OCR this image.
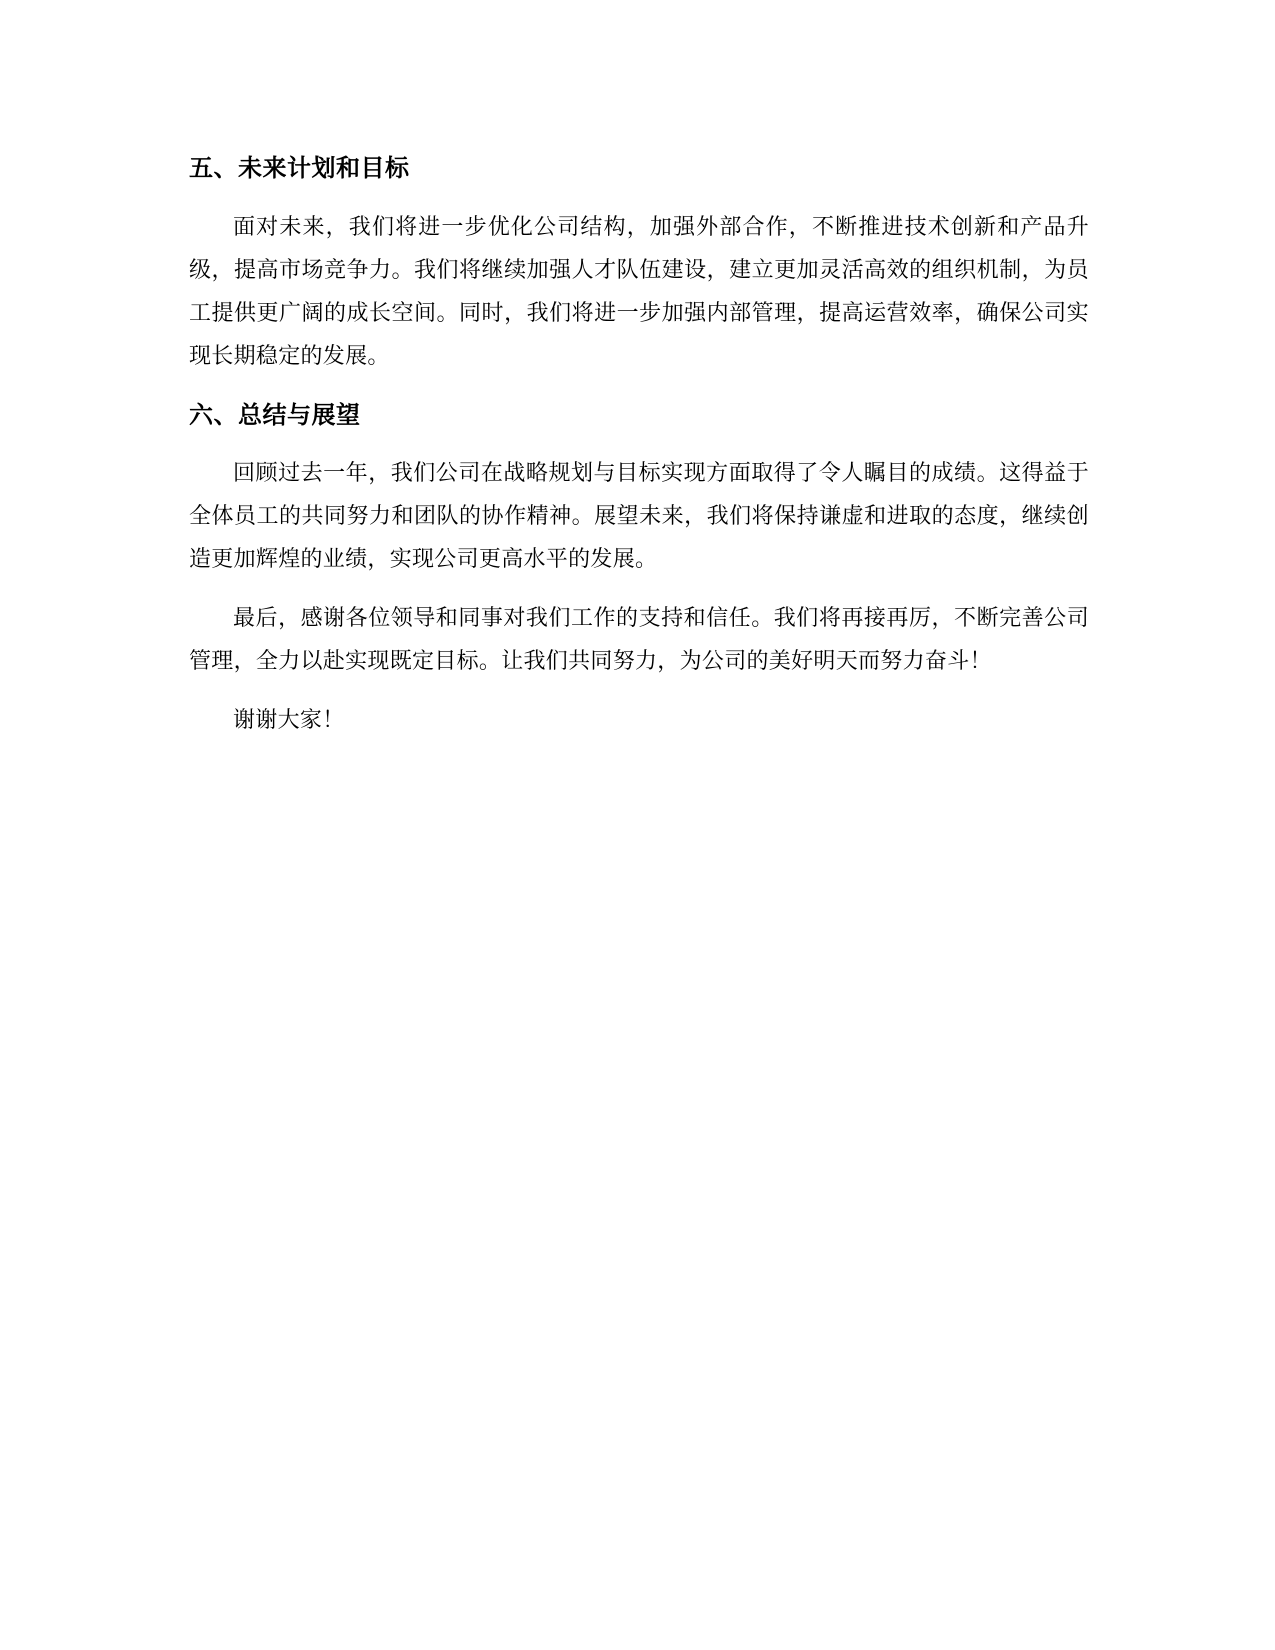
五、未来计划和目标

面对未来，我们将进一步优化公司结构，加强外部合作，不断推进技术创新和产品升级，提高市场竞争力。我们将继续加强人才队伍建设，建立更加灵活高效的组织机制，为员工提供更广阔的成长空间。同时，我们将进一步加强内部管理，提高运营效率，确保公司实现长期稳定的发展。

六、总结与展望

回顾过去一年，我们公司在战略规划与目标实现方面取得了令人瞩目的成绩。这得益于全体员工的共同努力和团队的协作精神。展望未来，我们将保持谦虚和进取的态度，继续创造更加辉煌的业绩，实现公司更高水平的发展。

最后，感谢各位领导和同事对我们工作的支持和信任。我们将再接再厉，不断完善公司管理，全力以赴实现既定目标。让我们共同努力，为公司的美好明天而努力奋斗！

谢谢大家！
